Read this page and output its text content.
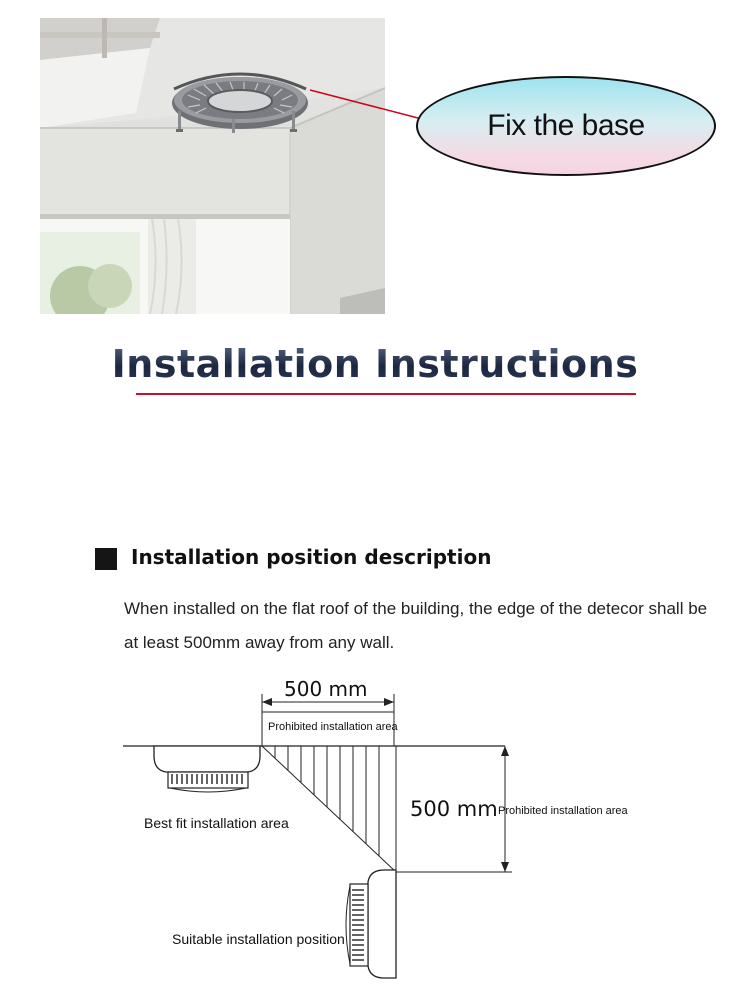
Fix the base
Installation Instructions
Installation position description
When installed on the flat roof of the building, the edge of the detecor shall be at least 500mm away from any wall.
500 mm
Prohibited installation area
500 mm Prohibited installation area
Best fit installation area
Suitable installation position
